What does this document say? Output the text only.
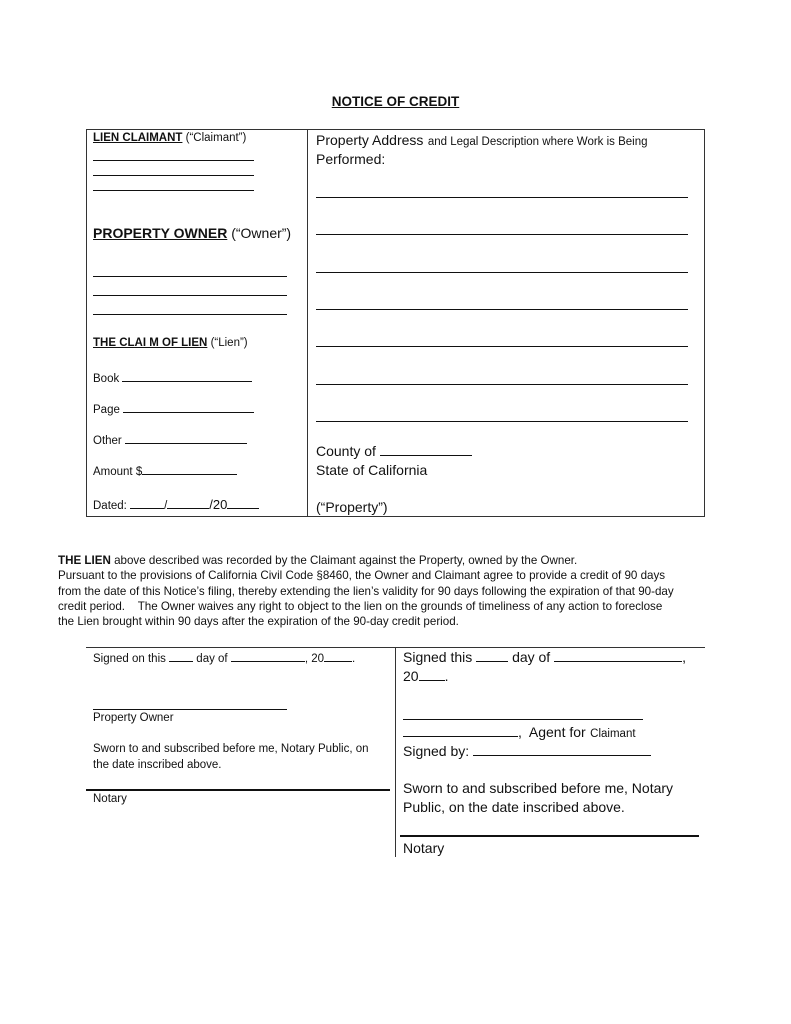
NOTICE OF CREDIT
LIEN CLAIMANT (“Claimant”)
PROPERTY OWNER (“Owner”)
THE CLAI M OF LIEN (“Lien”)
Book
Page
Other
Amount $
Dated:	/	/20
Property Address and Legal Description where Work is Being
Performed:
County of
State of California
(“Property”)

THE LIEN above described was recorded by the Claimant against the Property, owned by the Owner.

Pursuant to the provisions of California Civil Code §8460, the Owner and Claimant agree to provide a credit of 90 days

from the date of this Notice’s filing, thereby extending the lien’s validity for 90 days following the expiration of that 90-day

credit period.    The Owner waives any right to object to the lien on the grounds of timeliness of any action to foreclose

the Lien brought within 90 days after the expiration of the 90-day credit period.

Signed on this	day of	, 20 .
Property Owner
Sworn to and subscribed before me, Notary Public, on
the date inscribed above.
Notary
Signed this	day of	,
20 .
,  Agent for Claimant
Signed by:
Sworn to and subscribed before me, Notary
Public, on the date inscribed above.
Notary
